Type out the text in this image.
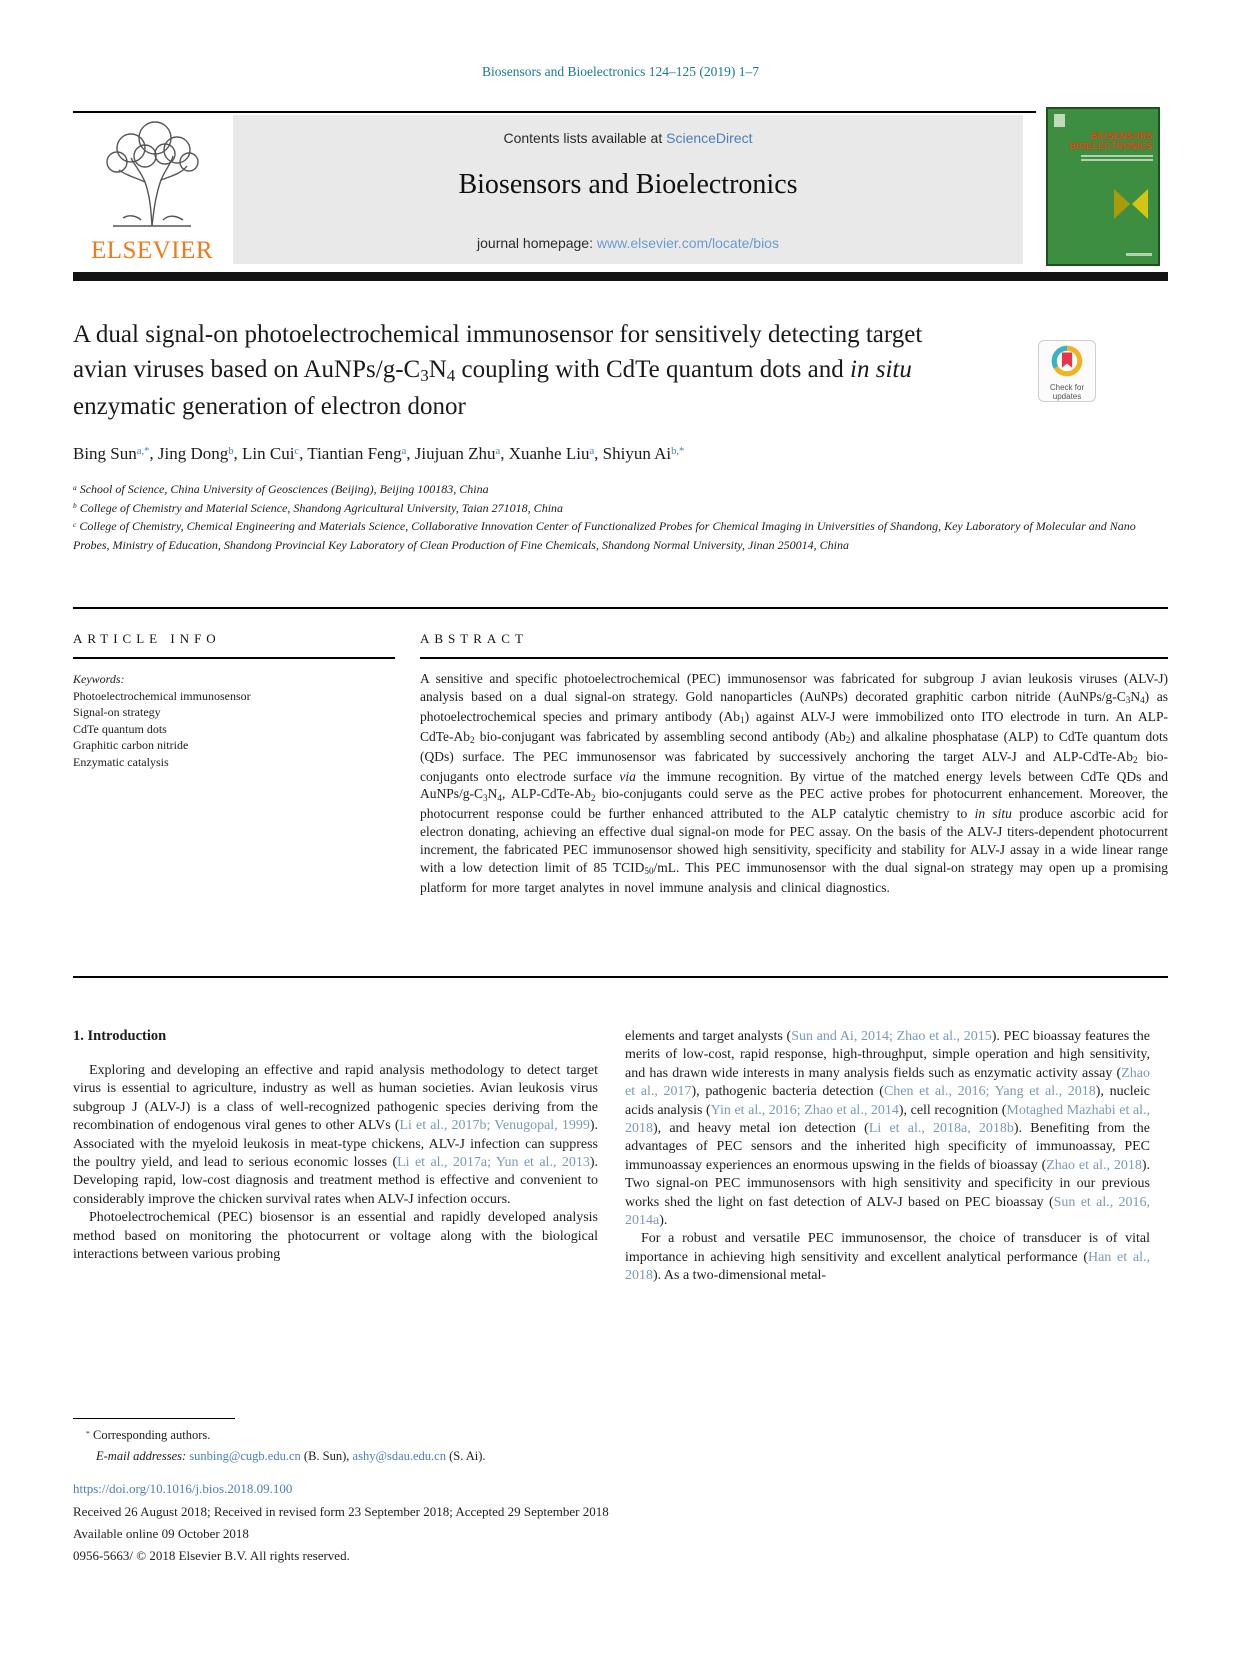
Biosensors and Bioelectronics 124–125 (2019) 1–7
ELSEVIER
Contents lists available at ScienceDirect
Biosensors and Bioelectronics
journal homepage: www.elsevier.com/locate/bios
BIOSENSORS
BIOELECTRONICS
A dual signal-on photoelectrochemical immunosensor for sensitively detecting target avian viruses based on AuNPs/g-C3N4 coupling with CdTe quantum dots and in situ enzymatic generation of electron donor
Check for updates
Bing Sun$^{a,*}$, Jing Dong$^b$, Lin Cui$^c$, Tiantian Feng$^a$, Jiujuan Zhu$^a$, Xuanhe Liu$^a$, Shiyun $Ai^{b,*}$
$^a$ School of Science, China University of Geosciences (Beijing), Beijing 100183, China
$^b$ College of Chemistry and Material Science, Shandong Agricultural University, Taian 271018, China
$^c$ College of Chemistry, Chemical Engineering and Materials Science, Collaborative Innovation Center of Functionalized Probes for Chemical Imaging in Universities of Shandong, Key Laboratory of Molecular and Nano Probes, Ministry of Education, Shandong Provincial Key Laboratory of Clean Production of Fine Chemicals, Shandong Normal University, Jinan 250014, China
ARTICLE INFO
Keywords:
Photoelectrochemical immunosensor
Signal-on strategy
CdTe quantum dots
Graphitic carbon nitride
Enzymatic catalysis
ABSTRACT
A sensitive and specific photoelectrochemical (PEC) immunosensor was fabricated for subgroup J avian leukosis viruses (ALV-J) analysis based on a dual signal-on strategy. Gold nanoparticles (AuNPs) decorated graphitic carbon nitride (AuNPs/g-C3N4) as photoelectrochemical species and primary antibody (Ab1) against ALV-J were immobilized onto ITO electrode in turn. An ALP-CdTe-Ab2 bio-conjugant was fabricated by assembling second antibody (Ab2) and alkaline phosphatase (ALP) to CdTe quantum dots (QDs) surface. The PEC immunosensor was fabricated by successively anchoring the target ALV-J and ALP-CdTe-Ab2 bio-conjugants onto electrode surface via the immune recognition. By virtue of the matched energy levels between CdTe QDs and AuNPs/g-C3N4, ALP-CdTe-Ab2 bio-conjugants could serve as the PEC active probes for photocurrent enhancement. Moreover, the photocurrent response could be further enhanced attributed to the ALP catalytic chemistry to in situ produce ascorbic acid for electron donating, achieving an effective dual signal-on mode for PEC assay. On the basis of the ALV-J titers-dependent photocurrent increment, the fabricated PEC immunosensor showed high sensitivity, specificity and stability for ALV-J assay in a wide linear range with a low detection limit of 85 TCID50/mL. This PEC immunosensor with the dual signal-on strategy may open up a promising platform for more target analytes in novel immune analysis and clinical diagnostics.
1. Introduction

Exploring and developing an effective and rapid analysis methodology to detect target virus is essential to agriculture, industry as well as human societies. Avian leukosis virus subgroup J (ALV-J) is a class of well-recognized pathogenic species deriving from the recombination of endogenous viral genes to other ALVs (Li et al., 2017b; Venugopal, 1999). Associated with the myeloid leukosis in meat-type chickens, ALV-J infection can suppress the poultry yield, and lead to serious economic losses (Li et al., 2017a; Yun et al., 2013). Developing rapid, low-cost diagnosis and treatment method is effective and convenient to considerably improve the chicken survival rates when ALV-J infection occurs.

Photoelectrochemical (PEC) biosensor is an essential and rapidly developed analysis method based on monitoring the photocurrent or voltage along with the biological interactions between various probing

elements and target analysts (Sun and Ai, 2014; Zhao et al., 2015). PEC bioassay features the merits of low-cost, rapid response, high-throughput, simple operation and high sensitivity, and has drawn wide interests in many analysis fields such as enzymatic activity assay (Zhao et al., 2017), pathogenic bacteria detection (Chen et al., 2016; Yang et al., 2018), nucleic acids analysis (Yin et al., 2016; Zhao et al., 2014), cell recognition (Motaghed Mazhabi et al., 2018), and heavy metal ion detection (Li et al., 2018a, 2018b). Benefiting from the advantages of PEC sensors and the inherited high specificity of immunoassay, PEC immunoassay experiences an enormous upswing in the fields of bioassay (Zhao et al., 2018). Two signal-on PEC immunosensors with high sensitivity and specificity in our previous works shed the light on fast detection of ALV-J based on PEC bioassay (Sun et al., 2016, 2014a).

For a robust and versatile PEC immunosensor, the choice of transducer is of vital importance in achieving high sensitivity and excellent analytical performance (Han et al., 2018). As a two-dimensional metal-

* Corresponding authors.
E-mail addresses: sunbing@cugb.edu.cn (B. Sun), ashy@sdau.edu.cn (S. Ai).
https://doi.org/10.1016/j.bios.2018.09.100
Received 26 August 2018; Received in revised form 23 September 2018; Accepted 29 September 2018
Available online 09 October 2018
0956-5663/ © 2018 Elsevier B.V. All rights reserved.
